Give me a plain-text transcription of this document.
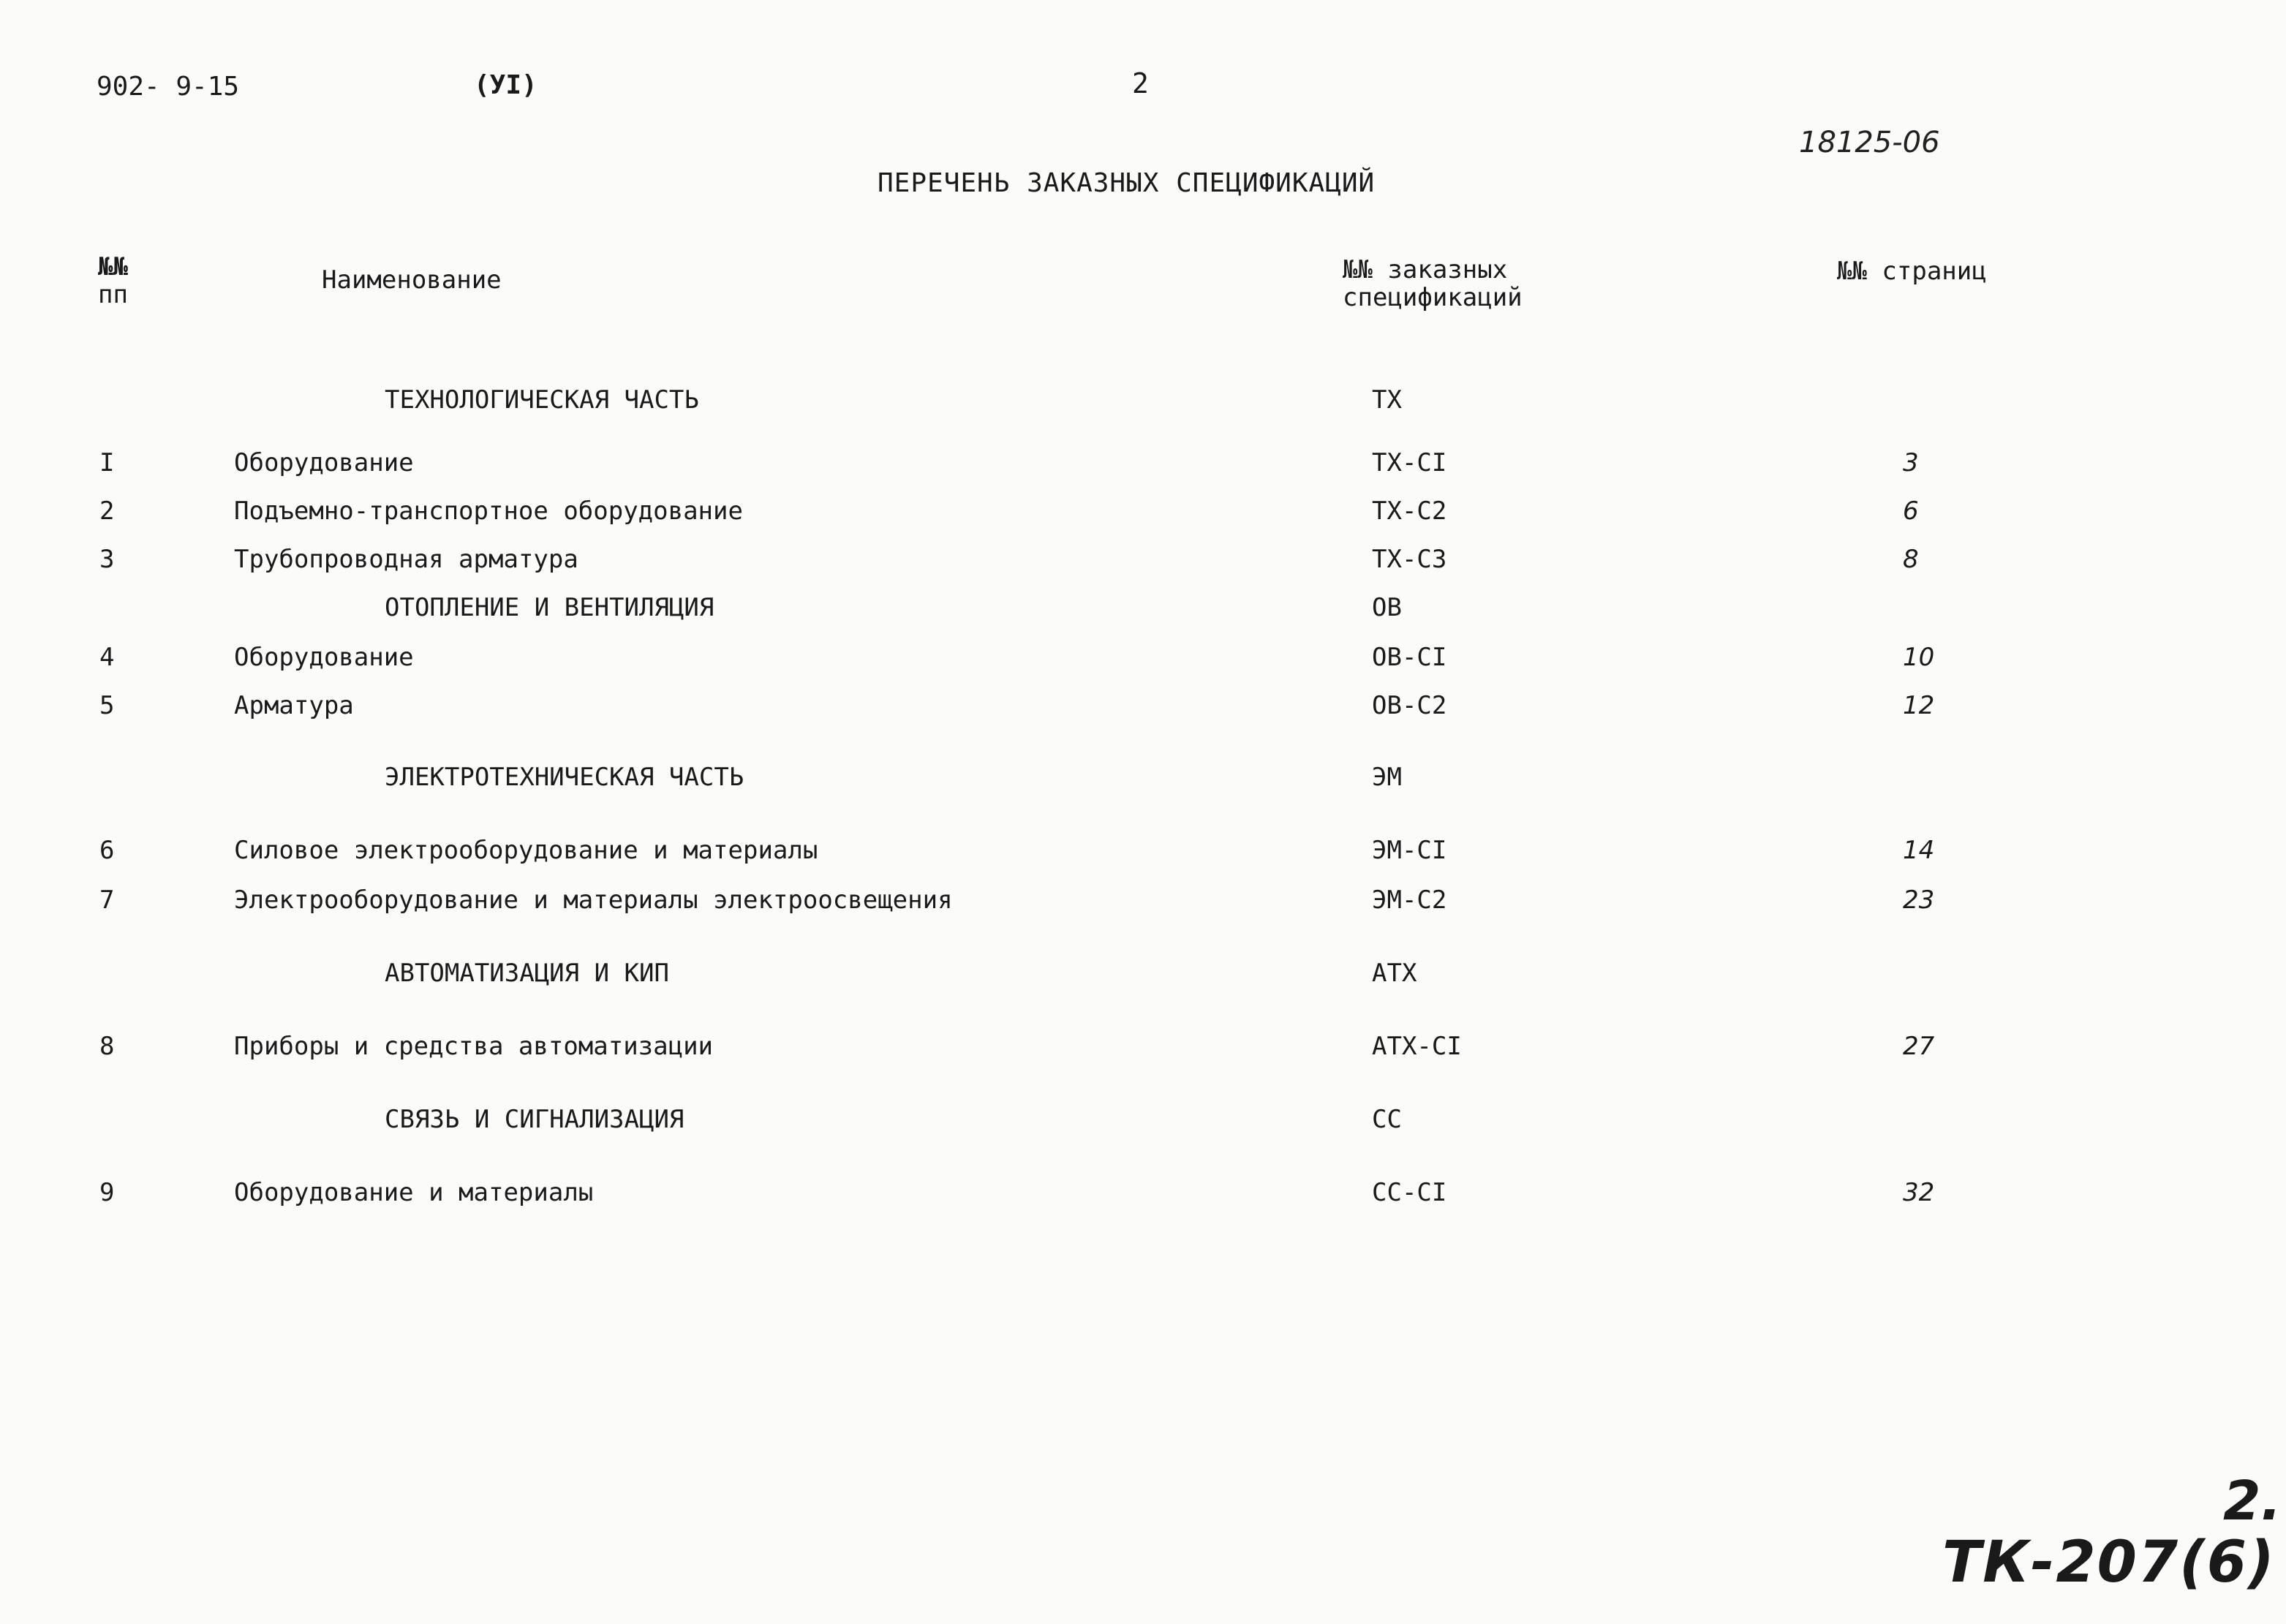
902- 9-15	(УI)	2
18125-06
ПЕРЕЧЕНЬ ЗАКАЗНЫХ СПЕЦИФИКАЦИЙ
№№
пп	Наименование	№№ заказных
спецификаций
№№ страниц
ТЕХНОЛОГИЧЕСКАЯ ЧАСТЬ	ТХ
I	Оборудование	ТХ-СI	3
2	Подъемно-транспортное оборудование	ТХ-С2	6
3	Трубопроводная арматура	ТХ-С3	8
ОТОПЛЕНИЕ И ВЕНТИЛЯЦИЯ	ОВ
4	Оборудование	ОВ-СI	10
5	Арматура	ОВ-С2	12
ЭЛЕКТРОТЕХНИЧЕСКАЯ ЧАСТЬ	ЭМ
6	Силовое электрооборудование и материалы	ЭМ-СI	14
7	Электрооборудование и материалы электроосвещения	ЭМ-С2	23
АВТОМАТИЗАЦИЯ И КИП	АТХ
8	Приборы и средства автоматизации	АТХ-СI	27
СВЯЗЬ И СИГНАЛИЗАЦИЯ	СС
9	Оборудование и материалы	СС-СI	32
2.
ТК-207(6)
